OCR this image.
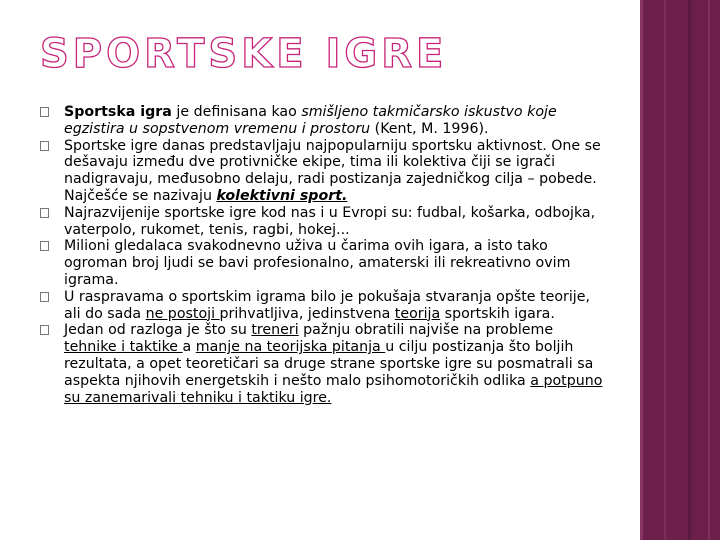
SPORTSKE IGRE
Sportska igra je definisana kao smišljeno takmičarsko iskustvo koje egzistira u sopstvenom vremenu i prostoru (Kent, M. 1996).
Sportske igre danas predstavljaju najpopularniju sportsku aktivnost. One se dešavaju između dve protivničke ekipe, tima ili kolektiva čiji se igrači nadigravaju, međusobno delaju, radi postizanja zajedničkog cilja – pobede. Najčešće se nazivaju kolektivni sport.
Najrazvijenije sportske igre kod nas i u Evropi su: fudbal, košarka, odbojka, vaterpolo, rukomet, tenis, ragbi, hokej...
Milioni gledalaca svakodnevno uživa u čarima ovih igara, a isto tako ogroman broj ljudi se bavi profesionalno, amaterski ili rekreativno ovim igrama.
U raspravama o sportskim igrama bilo je pokušaja stvaranja opšte teorije, ali do sada ne postoji prihvatljiva, jedinstvena teorija sportskih igara.
Jedan od razloga je što su treneri pažnju obratili najviše na probleme tehnike i taktike a manje na teorijska pitanja u cilju postizanja što boljih rezultata, a opet teoretičari sa druge strane sportske igre su posmatrali sa aspekta njihovih energetskih i nešto malo psihomotoričkih odlika a potpuno su zanemarivali tehniku i taktiku igre.
